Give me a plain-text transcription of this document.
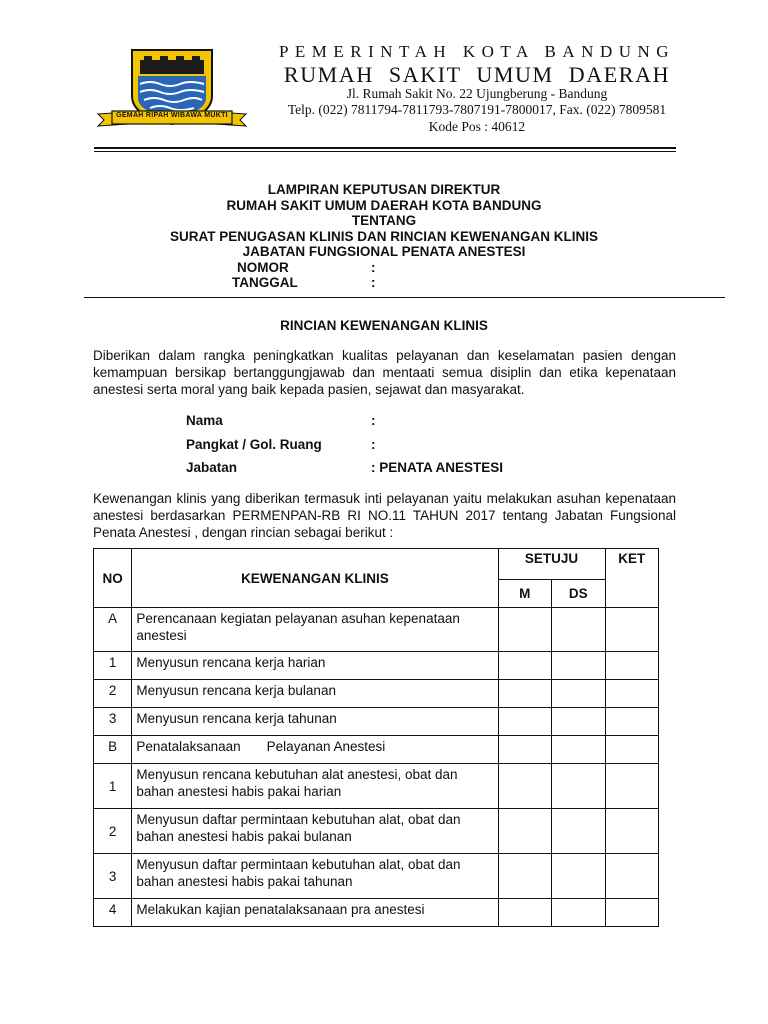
GEMAH RIPAH WIBAWA MUKTI
PEMERINTAH KOTA BANDUNG
RUMAH SAKIT UMUM DAERAH
Jl. Rumah Sakit No. 22 Ujungberung - Bandung
Telp. (022) 7811794-7811793-7807191-7800017, Fax. (022) 7809581
Kode Pos : 40612
LAMPIRAN KEPUTUSAN DIREKTUR
RUMAH SAKIT UMUM DAERAH KOTA BANDUNG
TENTANG
SURAT PENUGASAN KLINIS DAN RINCIAN KEWENANGAN KLINIS
JABATAN FUNGSIONAL PENATA ANESTESI
NOMOR	:
TANGGAL	:
RINCIAN KEWENANGAN KLINIS
Diberikan dalam rangka peningkatkan kualitas pelayanan dan keselamatan pasien dengan kemampuan bersikap bertanggungjawab dan mentaati semua disiplin dan etika kepenataan anestesi serta moral yang baik kepada pasien, sejawat dan masyarakat.
Nama	:
Pangkat / Gol. Ruang	:
Jabatan	: PENATA ANESTESI
Kewenangan klinis yang diberikan termasuk inti pelayanan yaitu melakukan asuhan kepenataan anestesi berdasarkan PERMENPAN-RB RI NO.11 TAHUN 2017 tentang Jabatan Fungsional Penata Anestesi , dengan rincian sebagai berikut :
NO	KEWENANGAN KLINIS	SETUJU		KET
		M	DS	
A	Perencanaan kegiatan pelayanan asuhan kepenataan anestesi			
1	Menyusun rencana kerja harian			
2	Menyusun rencana kerja bulanan			
3	Menyusun rencana kerja tahunan			
B	Penatalaksanaan Pelayanan Anestesi			
1	Menyusun rencana kebutuhan alat anestesi, obat dan bahan anestesi habis pakai harian			
2	Menyusun daftar permintaan kebutuhan alat, obat dan bahan anestesi habis pakai bulanan			
3	Menyusun daftar permintaan kebutuhan alat, obat dan bahan anestesi habis pakai tahunan			
4	Melakukan kajian penatalaksanaan pra anestesi			
